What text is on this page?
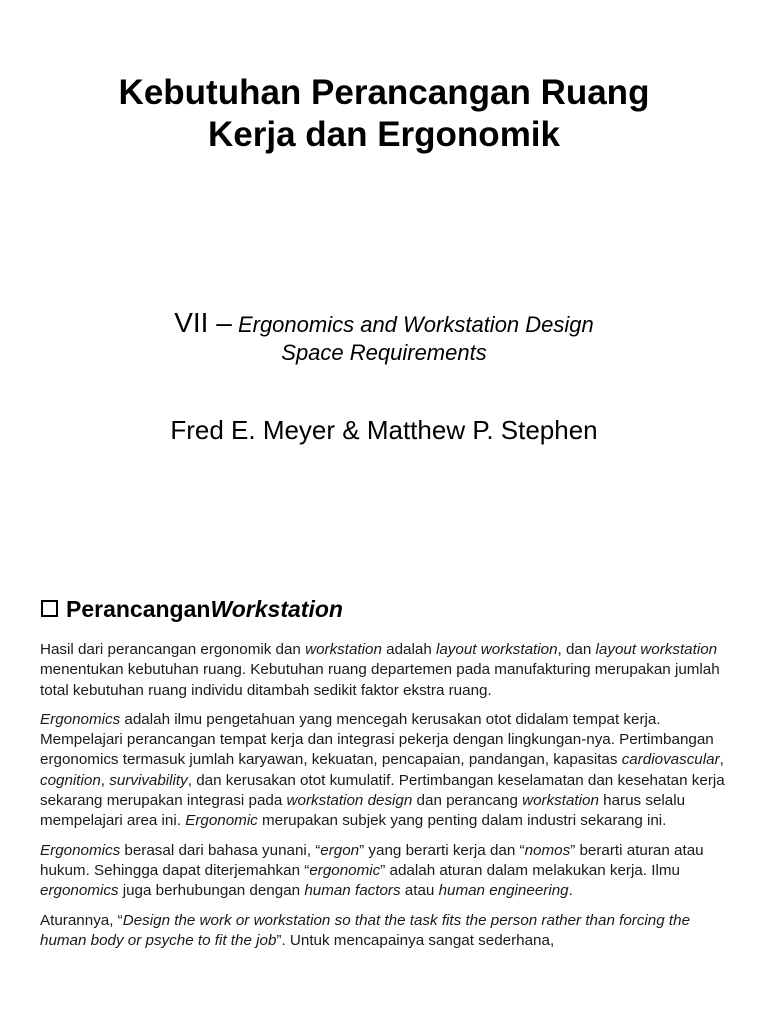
Kebutuhan Perancangan Ruang
Kerja dan Ergonomik
VII – Ergonomics and Workstation Design
Space Requirements
Fred E. Meyer & Matthew P. Stephen
Perancangan Workstation

Hasil dari perancangan ergonomik dan workstation adalah layout workstation, dan layout workstation menentukan kebutuhan ruang. Kebutuhan ruang departemen pada manufakturing merupakan jumlah total kebutuhan ruang individu ditambah sedikit faktor ekstra ruang.

Ergonomics adalah ilmu pengetahuan yang mencegah kerusakan otot didalam tempat kerja. Mempelajari perancangan tempat kerja dan integrasi pekerja dengan lingkungan-nya. Pertimbangan ergonomics termasuk jumlah karyawan, kekuatan, pencapaian, pandangan, kapasitas cardiovascular, cognition, survivability, dan kerusakan otot kumulatif. Pertimbangan keselamatan dan kesehatan kerja sekarang merupakan integrasi pada workstation design dan perancang workstation harus selalu mempelajari area ini. Ergonomic merupakan subjek yang penting dalam industri sekarang ini.

Ergonomics berasal dari bahasa yunani, “ergon” yang berarti kerja dan “nomos” berarti aturan atau hukum. Sehingga dapat diterjemahkan “ergonomic” adalah aturan dalam melakukan kerja. Ilmu ergonomics juga berhubungan dengan human factors atau human engineering.

Aturannya, “Design the work or workstation so that the task fits the person rather than forcing the human body or psyche to fit the job”. Untuk mencapainya sangat sederhana,
